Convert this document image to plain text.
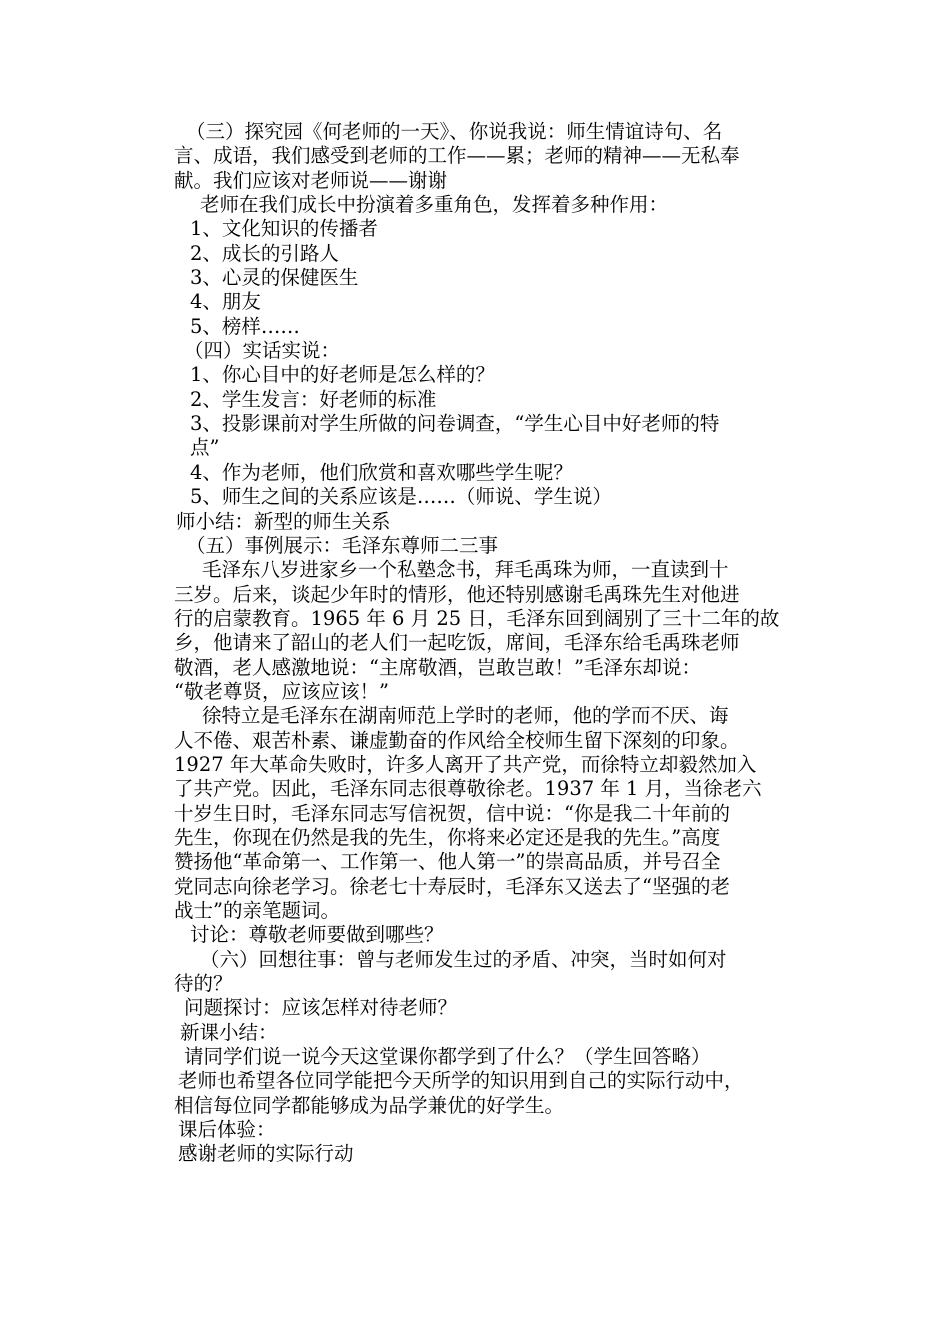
（三）探究园《何老师的一天》、你说我说：师生情谊诗句、名
言、成语，我们感受到老师的工作——累；老师的精神——无私奉
献。我们应该对老师说——谢谢
老师在我们成长中扮演着多重角色，发挥着多种作用：
1、文化知识的传播者
2、成长的引路人
3、心灵的保健医生
4、朋友
5、榜样……
（四）实话实说：
1、你心目中的好老师是怎么样的？
2、学生发言：好老师的标准
3、投影课前对学生所做的问卷调查，“学生心目中好老师的特
点”
4、作为老师，他们欣赏和喜欢哪些学生呢？
5、师生之间的关系应该是……（师说、学生说）
师小结：新型的师生关系
（五）事例展示：毛泽东尊师二三事
毛泽东八岁进家乡一个私塾念书，拜毛禹珠为师，一直读到十
三岁。后来，谈起少年时的情形，他还特别感谢毛禹珠先生对他进
行的启蒙教育。1965 年 6 月 25 日，毛泽东回到阔别了三十二年的故
乡，他请来了韶山的老人们一起吃饭，席间，毛泽东给毛禹珠老师
敬酒，老人感激地说：“主席敬酒，岂敢岂敢！”毛泽东却说：
“敬老尊贤，应该应该！”
徐特立是毛泽东在湖南师范上学时的老师，他的学而不厌、诲
人不倦、艰苦朴素、谦虚勤奋的作风给全校师生留下深刻的印象。
1927 年大革命失败时，许多人离开了共产党，而徐特立却毅然加入
了共产党。因此，毛泽东同志很尊敬徐老。1937 年 1 月，当徐老六
十岁生日时，毛泽东同志写信祝贺，信中说：“你是我二十年前的
先生，你现在仍然是我的先生，你将来必定还是我的先生。”高度
赞扬他“革命第一、工作第一、他人第一”的崇高品质，并号召全
党同志向徐老学习。徐老七十寿辰时，毛泽东又送去了“坚强的老
战士”的亲笔题词。
讨论：尊敬老师要做到哪些？
（六）回想往事：曾与老师发生过的矛盾、冲突，当时如何对
待的？
问题探讨：应该怎样对待老师？
新课小结：
请同学们说一说今天这堂课你都学到了什么？（学生回答略）
老师也希望各位同学能把今天所学的知识用到自己的实际行动中，
相信每位同学都能够成为品学兼优的好学生。
课后体验：
感谢老师的实际行动
